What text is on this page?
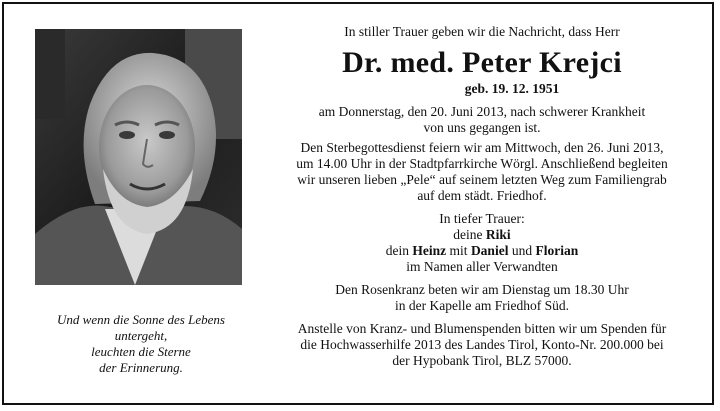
Und wenn die Sonne des Lebens
untergeht,
leuchten die Sterne
der Erinnerung.
In stiller Trauer geben wir die Nachricht, dass Herr
Dr. med. Peter Krejci
geb. 19. 12. 1951
am Donnerstag, den 20. Juni 2013, nach schwerer Krankheit
von uns gegangen ist.
Den Sterbegottesdienst feiern wir am Mittwoch, den 26. Juni 2013,
um 14.00 Uhr in der Stadtpfarrkirche Wörgl. Anschließend begleiten
wir unseren lieben „Pele“ auf seinem letzten Weg zum Familiengrab
auf dem städt. Friedhof.
In tiefer Trauer:
deine Riki
dein Heinz mit Daniel und Florian
im Namen aller Verwandten
Den Rosenkranz beten wir am Dienstag um 18.30 Uhr
in der Kapelle am Friedhof Süd.
Anstelle von Kranz- und Blumenspenden bitten wir um Spenden für
die Hochwasserhilfe 2013 des Landes Tirol, Konto-Nr. 200.000 bei
der Hypobank Tirol, BLZ 57000.
